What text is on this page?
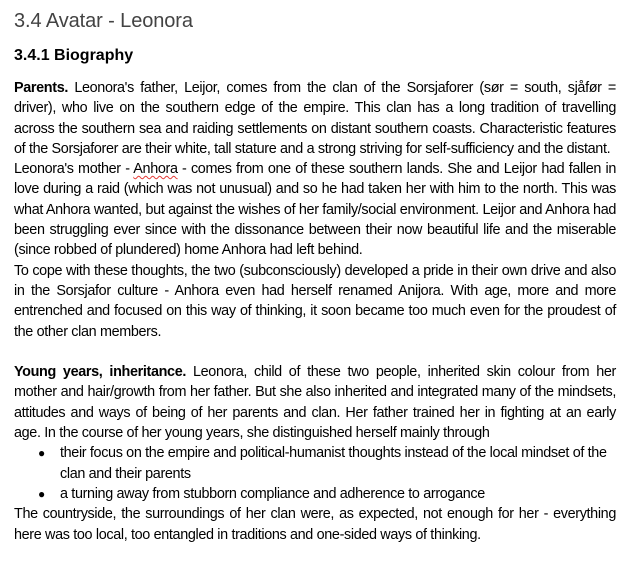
3.4 Avatar - Leonora
3.4.1 Biography

Parents. Leonora's father, Leijor, comes from the clan of the Sorsjaforer (sør = south, sjåfør = driver), who live on the southern edge of the empire. This clan has a long tradition of travelling across the southern sea and raiding settlements on distant southern coasts. Characteristic features of the Sorsjaforer are their white, tall stature and a strong striving for self-sufficiency and the distant.

Leonora's mother - Anhora - comes from one of these southern lands. She and Leijor had fallen in love during a raid (which was not unusual) and so he had taken her with him to the north. This was what Anhora wanted, but against the wishes of her family/social environment. Leijor and Anhora had been struggling ever since with the dissonance between their now beautiful life and the miserable (since robbed of plundered) home Anhora had left behind.

To cope with these thoughts, the two (subconsciously) developed a pride in their own drive and also in the Sorsjafor culture - Anhora even had herself renamed Anijora. With age, more and more entrenched and focused on this way of thinking, it soon became too much even for the proudest of the other clan members.

Young years, inheritance. Leonora, child of these two people, inherited skin colour from her mother and hair/growth from her father. But she also inherited and integrated many of the mindsets, attitudes and ways of being of her parents and clan. Her father trained her in fighting at an early age. In the course of her young years, she distinguished herself mainly through

● their focus on the empire and political-humanist thoughts instead of the local mindset of the clan and their parents
● a turning away from stubborn compliance and adherence to arrogance

The countryside, the surroundings of her clan were, as expected, not enough for her - everything here was too local, too entangled in traditions and one-sided ways of thinking.
